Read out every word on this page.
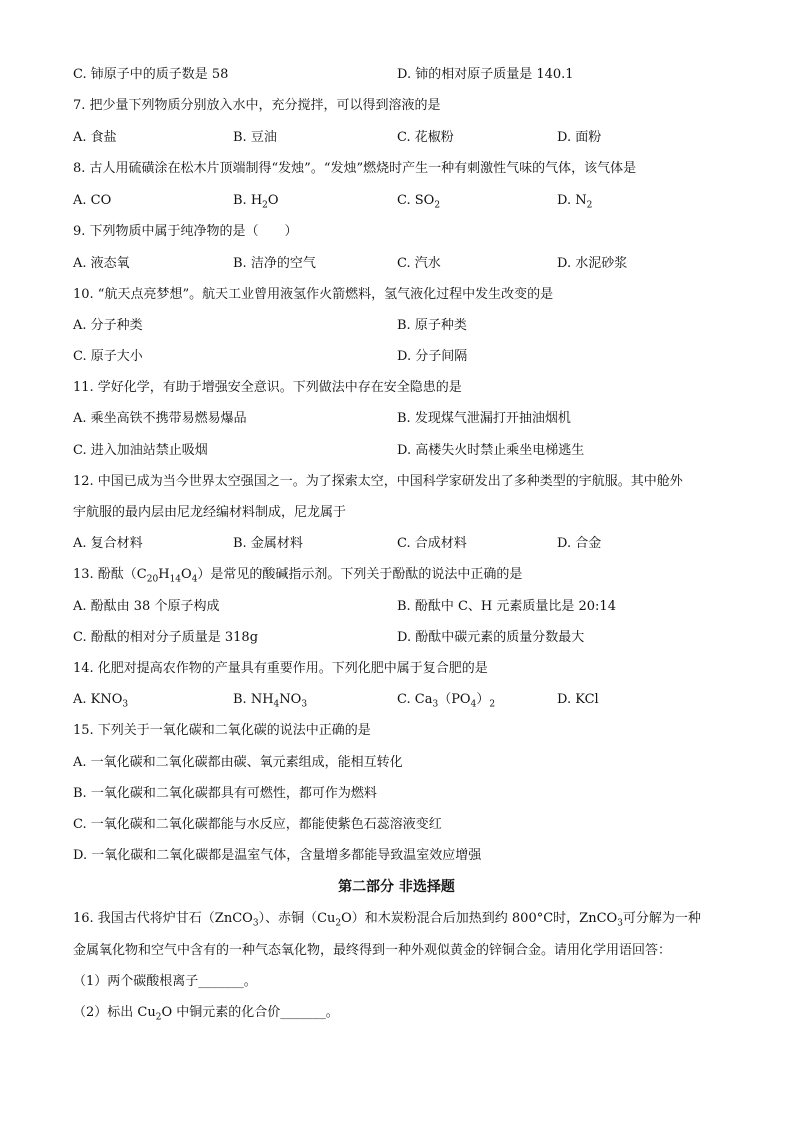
C. 铈原子中的质子数是 58	D. 铈的相对原子质量是 140.1
7. 把少量下列物质分别放入水中，充分搅拌，可以得到溶液的是
A. 食盐	B. 豆油	C. 花椒粉	D. 面粉
8. 古人用硫磺涂在松木片顶端制得“发烛”。“发烛”燃烧时产生一种有刺激性气味的气体，该气体是
A. CO	B. $H_2O$	C. $SO_2$	D. $N_2$
9. 下列物质中属于纯净物的是（　　）
A. 液态氧	B. 洁净的空气	C. 汽水	D. 水泥砂浆
10. “航天点亮梦想”。航天工业曾用液氢作火箭燃料，氢气液化过程中发生改变的是
A. 分子种类	B. 原子种类
C. 原子大小	D. 分子间隔
11. 学好化学，有助于增强安全意识。下列做法中存在安全隐患的是
A. 乘坐高铁不携带易燃易爆品	B. 发现煤气泄漏打开抽油烟机
C. 进入加油站禁止吸烟	D. 高楼失火时禁止乘坐电梯逃生
12. 中国已成为当今世界太空强国之一。为了探索太空，中国科学家研发出了多种类型的宇航服。其中舱外
宇航服的最内层由尼龙经编材料制成，尼龙属于
A. 复合材料	B. 金属材料	C. 合成材料	D. 合金
13. 酚酞$(C_{20}H_{14}O_4)$是常见的酸碱指示剂。下列关于酚酞的说法中正确的是
A. 酚酞由 38 个原子构成	B. 酚酞中 C、H 元素质量比是 20:14
C. 酚酞的相对分子质量是 318g	D. 酚酞中碳元素的质量分数最大
14. 化肥对提高农作物的产量具有重要作用。下列化肥中属于复合肥的是
A. $KNO_3$	B. $NH_4NO_3$	C. $Ca_3(PO_4)_2$	D. KCl
15. 下列关于一氧化碳和二氧化碳的说法中正确的是
A. 一氧化碳和二氧化碳都由碳、氧元素组成，能相互转化
B. 一氧化碳和二氧化碳都具有可燃性，都可作为燃料
C. 一氧化碳和二氧化碳都能与水反应，都能使紫色石蕊溶液变红
D. 一氧化碳和二氧化碳都是温室气体，含量增多都能导致温室效应增强
第二部分 非选择题
16. 我国古代将炉甘石（ZnCO$_3$）、赤铜$(Cu_2O)$和木炭粉混合后加热到约 800°C时，ZnCO$_3$可分解为一种
金属氧化物和空气中含有的一种气态氧化物，最终得到一种外观似黄金的锌铜合金。请用化学用语回答：
（1）两个碳酸根离子_______。
（2）标出 $Cu_2O$ 中铜元素的化合价_______。
